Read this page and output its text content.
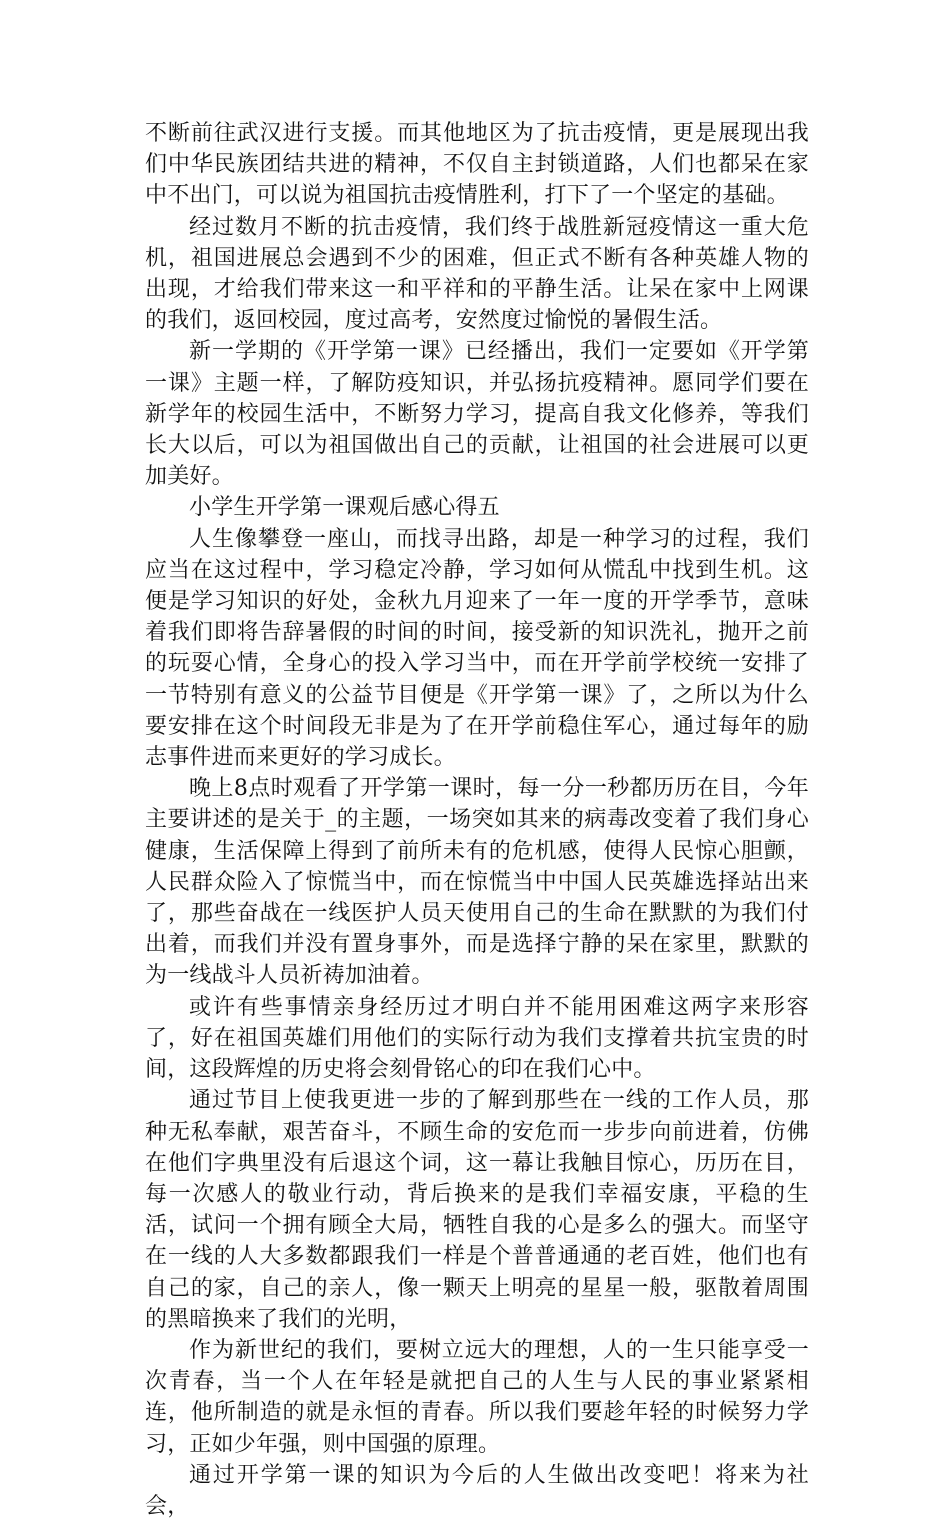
不断前往武汉进行支援。而其他地区为了抗击疫情，更是展现出我们中华民族团结共进的精神，不仅自主封锁道路，人们也都呆在家中不出门，可以说为祖国抗击疫情胜利，打下了一个坚定的基础。

经过数月不断的抗击疫情，我们终于战胜新冠疫情这一重大危机，祖国进展总会遇到不少的困难，但正式不断有各种英雄人物的出现，才给我们带来这一和平祥和的平静生活。让呆在家中上网课的我们，返回校园，度过高考，安然度过愉悦的暑假生活。

新一学期的《开学第一课》已经播出，我们一定要如《开学第一课》主题一样，了解防疫知识，并弘扬抗疫精神。愿同学们要在新学年的校园生活中，不断努力学习，提高自我文化修养，等我们长大以后，可以为祖国做出自己的贡献，让祖国的社会进展可以更加美好。

小学生开学第一课观后感心得五

人生像攀登一座山，而找寻出路，却是一种学习的过程，我们应当在这过程中，学习稳定冷静，学习如何从慌乱中找到生机。这便是学习知识的好处，金秋九月迎来了一年一度的开学季节，意味着我们即将告辞暑假的时间的时间，接受新的知识洗礼，抛开之前的玩耍心情，全身心的投入学习当中，而在开学前学校统一安排了一节特别有意义的公益节目便是《开学第一课》了，之所以为什么要安排在这个时间段无非是为了在开学前稳住军心，通过每年的励志事件进而来更好的学习成长。

晚上8点时观看了开学第一课时，每一分一秒都历历在目，今年主要讲述的是关于_的主题，一场突如其来的病毒改变着了我们身心健康，生活保障上得到了前所未有的危机感，使得人民惊心胆颤，人民群众险入了惊慌当中，而在惊慌当中中国人民英雄选择站出来了，那些奋战在一线医护人员天使用自己的生命在默默的为我们付出着，而我们并没有置身事外，而是选择宁静的呆在家里，默默的为一线战斗人员祈祷加油着。

或许有些事情亲身经历过才明白并不能用困难这两字来形容了，好在祖国英雄们用他们的实际行动为我们支撑着共抗宝贵的时间，这段辉煌的历史将会刻骨铭心的印在我们心中。

通过节目上使我更进一步的了解到那些在一线的工作人员，那种无私奉献，艰苦奋斗，不顾生命的安危而一步步向前进着，仿佛在他们字典里没有后退这个词，这一幕让我触目惊心，历历在目，每一次感人的敬业行动，背后换来的是我们幸福安康，平稳的生活，试问一个拥有顾全大局，牺牲自我的心是多么的强大。而坚守在一线的人大多数都跟我们一样是个普普通通的老百姓，他们也有自己的家，自己的亲人，像一颗天上明亮的星星一般，驱散着周围的黑暗换来了我们的光明，

作为新世纪的我们，要树立远大的理想，人的一生只能享受一次青春，当一个人在年轻是就把自己的人生与人民的事业紧紧相连，他所制造的就是永恒的青春。所以我们要趁年轻的时候努力学习，正如少年强，则中国强的原理。

通过开学第一课的知识为今后的人生做出改变吧！将来为社会，
